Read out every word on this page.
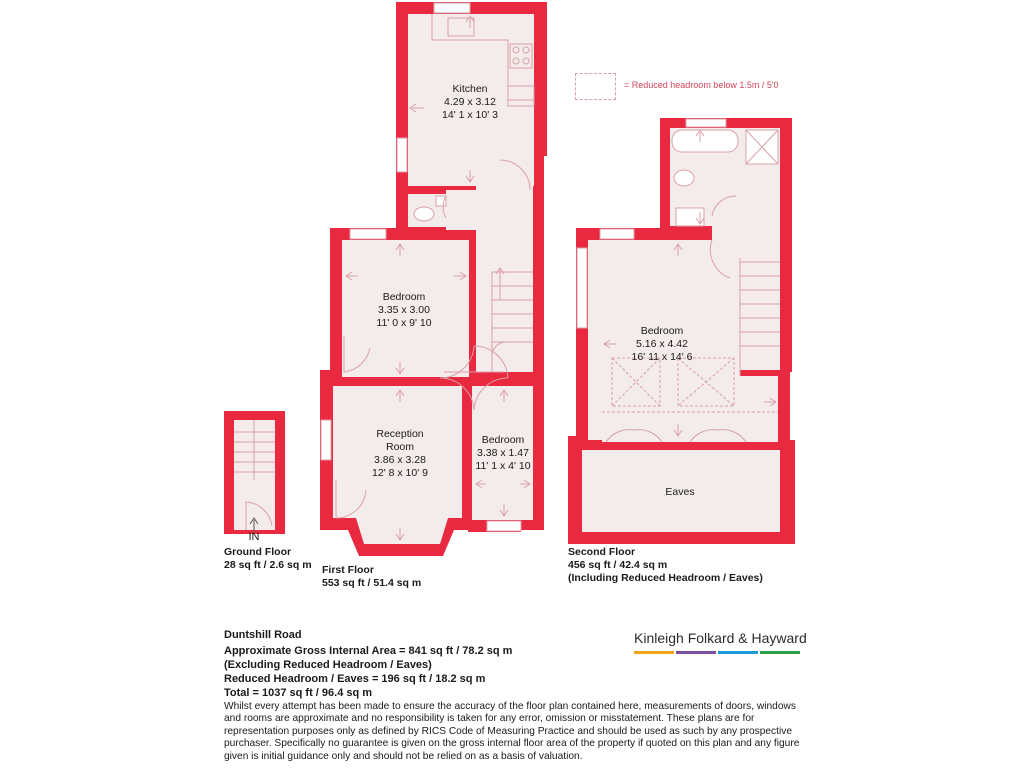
IN
Kitchen
4.29 x 3.12
14' 1 x 10' 3
Bedroom
3.35 x 3.00
11' 0 x 9' 10
Reception
Room
3.86 x 3.28
12' 8 x 10' 9
Bedroom
3.38 x 1.47
11' 1 x 4' 10
Bedroom
5.16 x 4.42
16' 11 x 14' 6
Eaves
= Reduced headroom below 1.5m / 5'0
Ground Floor
28 sq ft / 2.6 sq m First Floor
553 sq ft / 51.4 sq m
Second Floor
456 sq ft / 42.4 sq m
(Including Reduced Headroom / Eaves)
Duntshill Road
Approximate Gross Internal Area = 841 sq ft / 78.2 sq m
(Excluding Reduced Headroom / Eaves)
Reduced Headroom / Eaves = 196 sq ft / 18.2 sq m
Total = 1037 sq ft / 96.4 sq m
Whilst every attempt has been made to ensure the accuracy of the floor plan contained here, measurements of doors, windows and rooms are approximate and no responsibility is taken for any error, omission or misstatement. These plans are for representation purposes only as defined by RICS Code of Measuring Practice and should be used as such by any prospective purchaser. Specifically no guarantee is given on the gross internal floor area of the property if quoted on this plan and any figure given is initial guidance only and should not be relied on as a basis of valuation.
Kinleigh Folkard & Hayward
